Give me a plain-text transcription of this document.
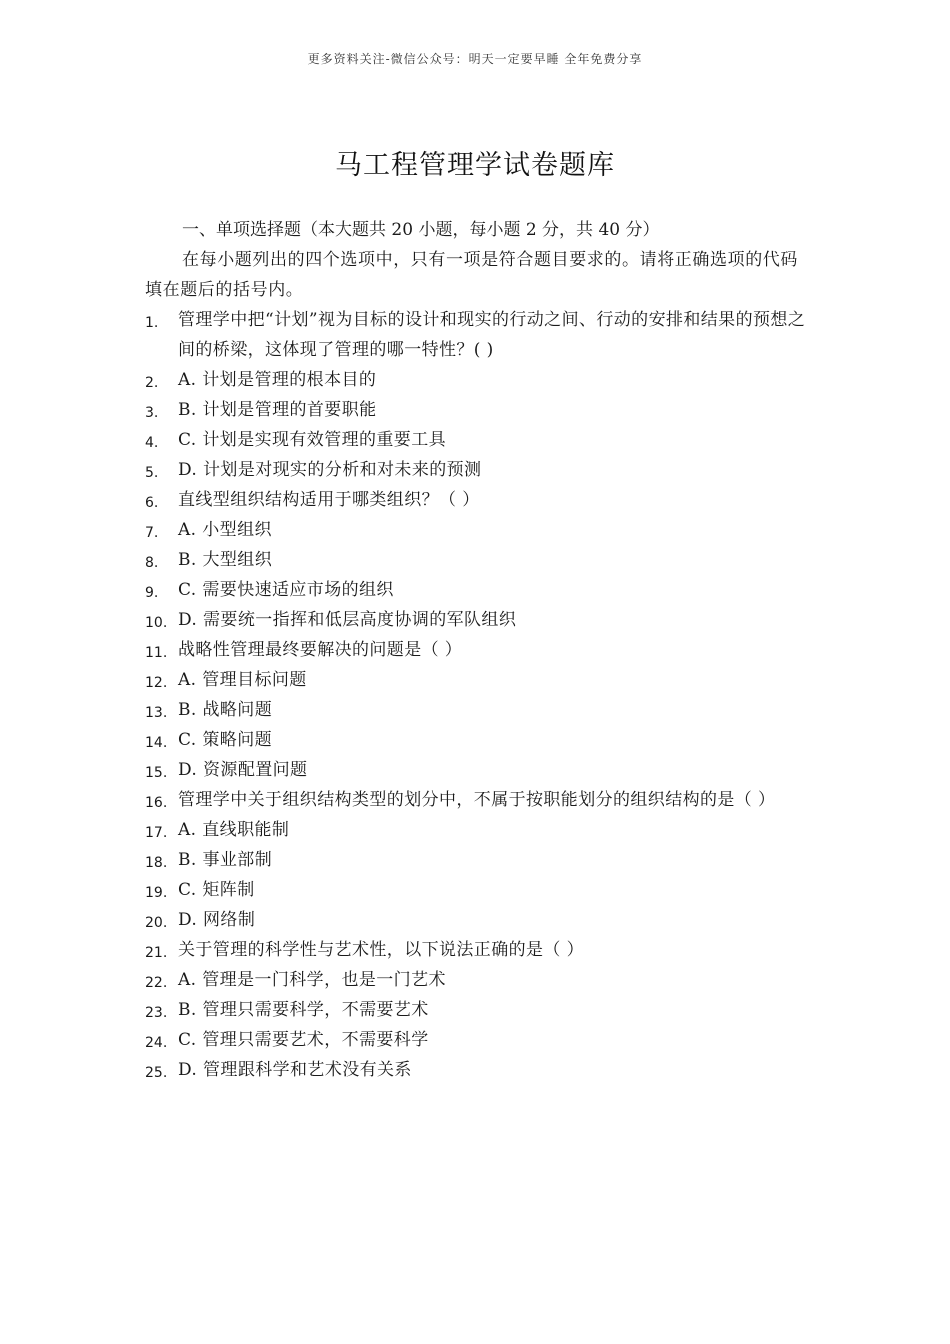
更多资料关注-微信公众号：明天一定要早睡 全年免费分享
马工程管理学试卷题库
一、单项选择题（本大题共 20 小题，每小题 2 分，共 40 分）
在每小题列出的四个选项中，只有一项是符合题目要求的。请将正确选项的代码填在题后的括号内。
1.	管理学中把“计划”视为目标的设计和现实的行动之间、行动的安排和结果的预想之间的桥梁，这体现了管理的哪一特性？( )
2.	A. 计划是管理的根本目的
3.	B. 计划是管理的首要职能
4.	C. 计划是实现有效管理的重要工具
5.	D. 计划是对现实的分析和对未来的预测
6.	直线型组织结构适用于哪类组织？（ ）
7.	A. 小型组织
8.	B. 大型组织
9.	C. 需要快速适应市场的组织
10. D. 需要统一指挥和低层高度协调的军队组织
11. 战略性管理最终要解决的问题是（ ）
12. A. 管理目标问题
13. B. 战略问题
14. C. 策略问题
15. D. 资源配置问题
16. 管理学中关于组织结构类型的划分中，不属于按职能划分的组织结构的是（ ）
17. A. 直线职能制
18. B. 事业部制
19. C. 矩阵制
20. D. 网络制
21. 关于管理的科学性与艺术性，以下说法正确的是（ ）
22. A. 管理是一门科学，也是一门艺术
23. B. 管理只需要科学，不需要艺术
24. C. 管理只需要艺术，不需要科学
25. D. 管理跟科学和艺术没有关系
